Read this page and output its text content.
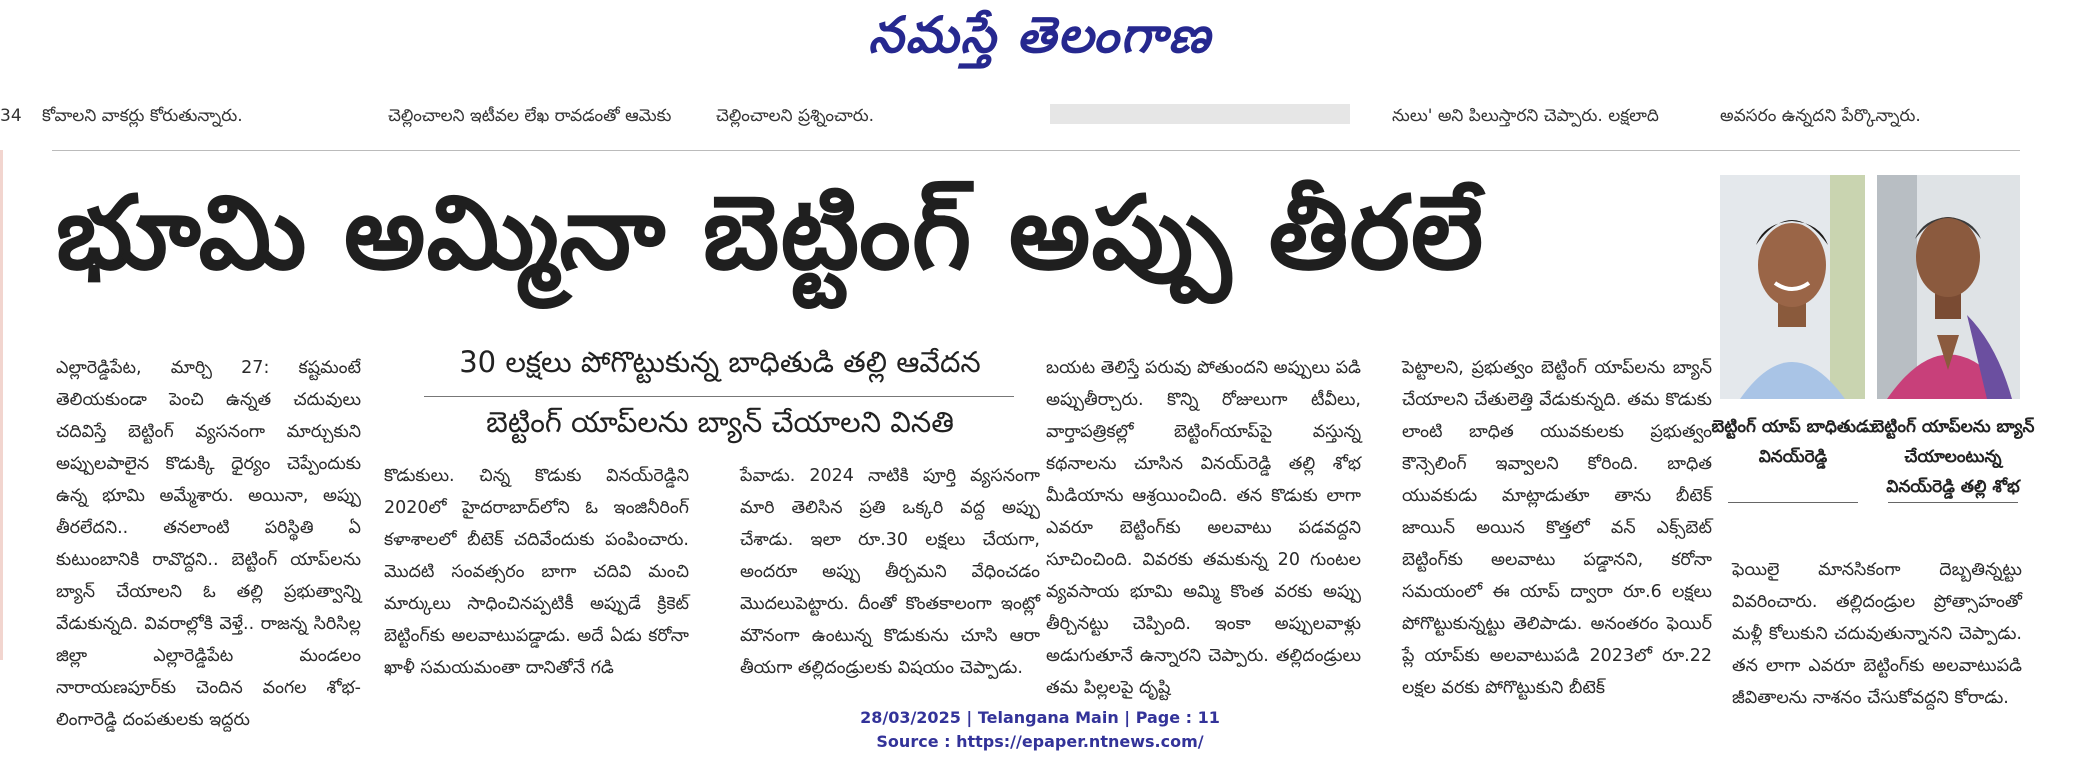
నమస్తే తెలంగాణ
34 కోవాలని వాకర్లు కోరుతున్నారు.	చెల్లించాలని ఇటీవల లేఖ రావడంతో ఆమెకు	చెల్లించాలని ప్రశ్నించారు.	నులు' అని పిలుస్తారని చెప్పారు. లక్షలాది	అవసరం ఉన్నదని పేర్కొన్నారు.
భూమి అమ్మినా బెట్టింగ్ అప్పు తీరలే
30 లక్షలు పోగొట్టుకున్న బాధితుడి తల్లి ఆవేదన
బెట్టింగ్ యాప్‌లను బ్యాన్ చేయాలని వినతి

ఎల్లారెడ్డిపేట, మార్చి 27: కష్టమంటే తెలియకుండా పెంచి ఉన్నత చదువులు చదివిస్తే బెట్టింగ్ వ్యసనంగా మార్చుకుని అప్పులపాలైన కొడుక్కి ధైర్యం చెప్పేందుకు ఉన్న భూమి అమ్మేశారు. అయినా, అప్పు తీరలేదని.. తనలాంటి పరిస్థితి ఏ కుటుంబానికి రావొద్దని.. బెట్టింగ్ యాప్‌లను బ్యాన్ చేయాలని ఓ తల్లి ప్రభుత్వాన్ని వేడుకున్నది. వివరాల్లోకి వెళ్తే.. రాజన్న సిరిసిల్ల జిల్లా ఎల్లారెడ్డిపేట మండలం నారాయణపూర్‌కు చెందిన వంగల శోభ-లింగారెడ్డి దంపతులకు ఇద్దరు

కొడుకులు. చిన్న కొడుకు వినయ్‌రెడ్డిని 2020లో హైదరాబాద్‌లోని ఓ ఇంజినీరింగ్ కళాశాలలో బీటెక్ చదివేందుకు పంపించారు. మొదటి సంవత్సరం బాగా చదివి మంచి మార్కులు సాధించినప్పటికీ అప్పుడే క్రికెట్ బెట్టింగ్‌కు అలవాటుపడ్డాడు. అదే ఏడు కరోనా ఖాళీ సమయమంతా దానితోనే గడి

పేవాడు. 2024 నాటికి పూర్తి వ్యసనంగా మారి తెలిసిన ప్రతి ఒక్కరి వద్ద అప్పు చేశాడు. ఇలా రూ.30 లక్షలు చేయగా, అందరూ అప్పు తీర్చమని వేధించడం మొదలుపెట్టారు. దీంతో కొంతకాలంగా ఇంట్లో మౌనంగా ఉంటున్న కొడుకును చూసి ఆరా తీయగా తల్లిదండ్రులకు విషయం చెప్పాడు.

బయట తెలిస్తే పరువు పోతుందని అప్పులు పడి అప్పుతీర్చారు. కొన్ని రోజులుగా టీవీలు, వార్తాపత్రికల్లో బెట్టింగ్‌యాప్‌పై వస్తున్న కథనాలను చూసిన వినయ్‌రెడ్డి తల్లి శోభ మీడియాను ఆశ్రయించింది. తన కొడుకు లాగా ఎవరూ బెట్టింగ్‌కు అలవాటు పడవద్దని సూచించింది. వివరకు తమకున్న 20 గుంటల వ్యవసాయ భూమి అమ్మి కొంత వరకు అప్పు తీర్చినట్టు చెప్పింది. ఇంకా అప్పులవాళ్లు అడుగుతూనే ఉన్నారని చెప్పారు. తల్లిదండ్రులు తమ పిల్లలపై దృష్టి

పెట్టాలని, ప్రభుత్వం బెట్టింగ్ యాప్‌లను బ్యాన్ చేయాలని చేతులెత్తి వేడుకున్నది. తమ కొడుకు లాంటి బాధిత యువకులకు ప్రభుత్వం కౌన్సెలింగ్ ఇవ్వాలని కోరింది. బాధిత యువకుడు మాట్లాడుతూ తాను బీటెక్ జాయిన్ అయిన కొత్తలో వన్ ఎక్స్‌బెట్ బెట్టింగ్‌కు అలవాటు పడ్డానని, కరోనా సమయంలో ఈ యాప్ ద్వారా రూ.6 లక్షలు పోగొట్టుకున్నట్టు తెలిపాడు. అనంతరం ఫెయిర్ ప్లే యాప్‌కు అలవాటుపడి 2023లో రూ.22 లక్షల వరకు పోగొట్టుకుని బీటెక్

ఫెయిలై మానసికంగా దెబ్బతిన్నట్టు వివరించారు. తల్లిదండ్రుల ప్రోత్సాహంతో మళ్లీ కోలుకుని చదువుతున్నానని చెప్పాడు. తన లాగా ఎవరూ బెట్టింగ్‌కు అలవాటుపడి జీవితాలను నాశనం చేసుకోవద్దని కోరాడు.

బెట్టింగ్ యాప్ బాధితుడు వినయ్‌రెడ్డి
బెట్టింగ్ యాప్‌లను బ్యాన్ చేయాలంటున్న వినయ్‌రెడ్డి తల్లి శోభ
28/03/2025 | Telangana Main | Page : 11
Source : https://epaper.ntnews.com/
